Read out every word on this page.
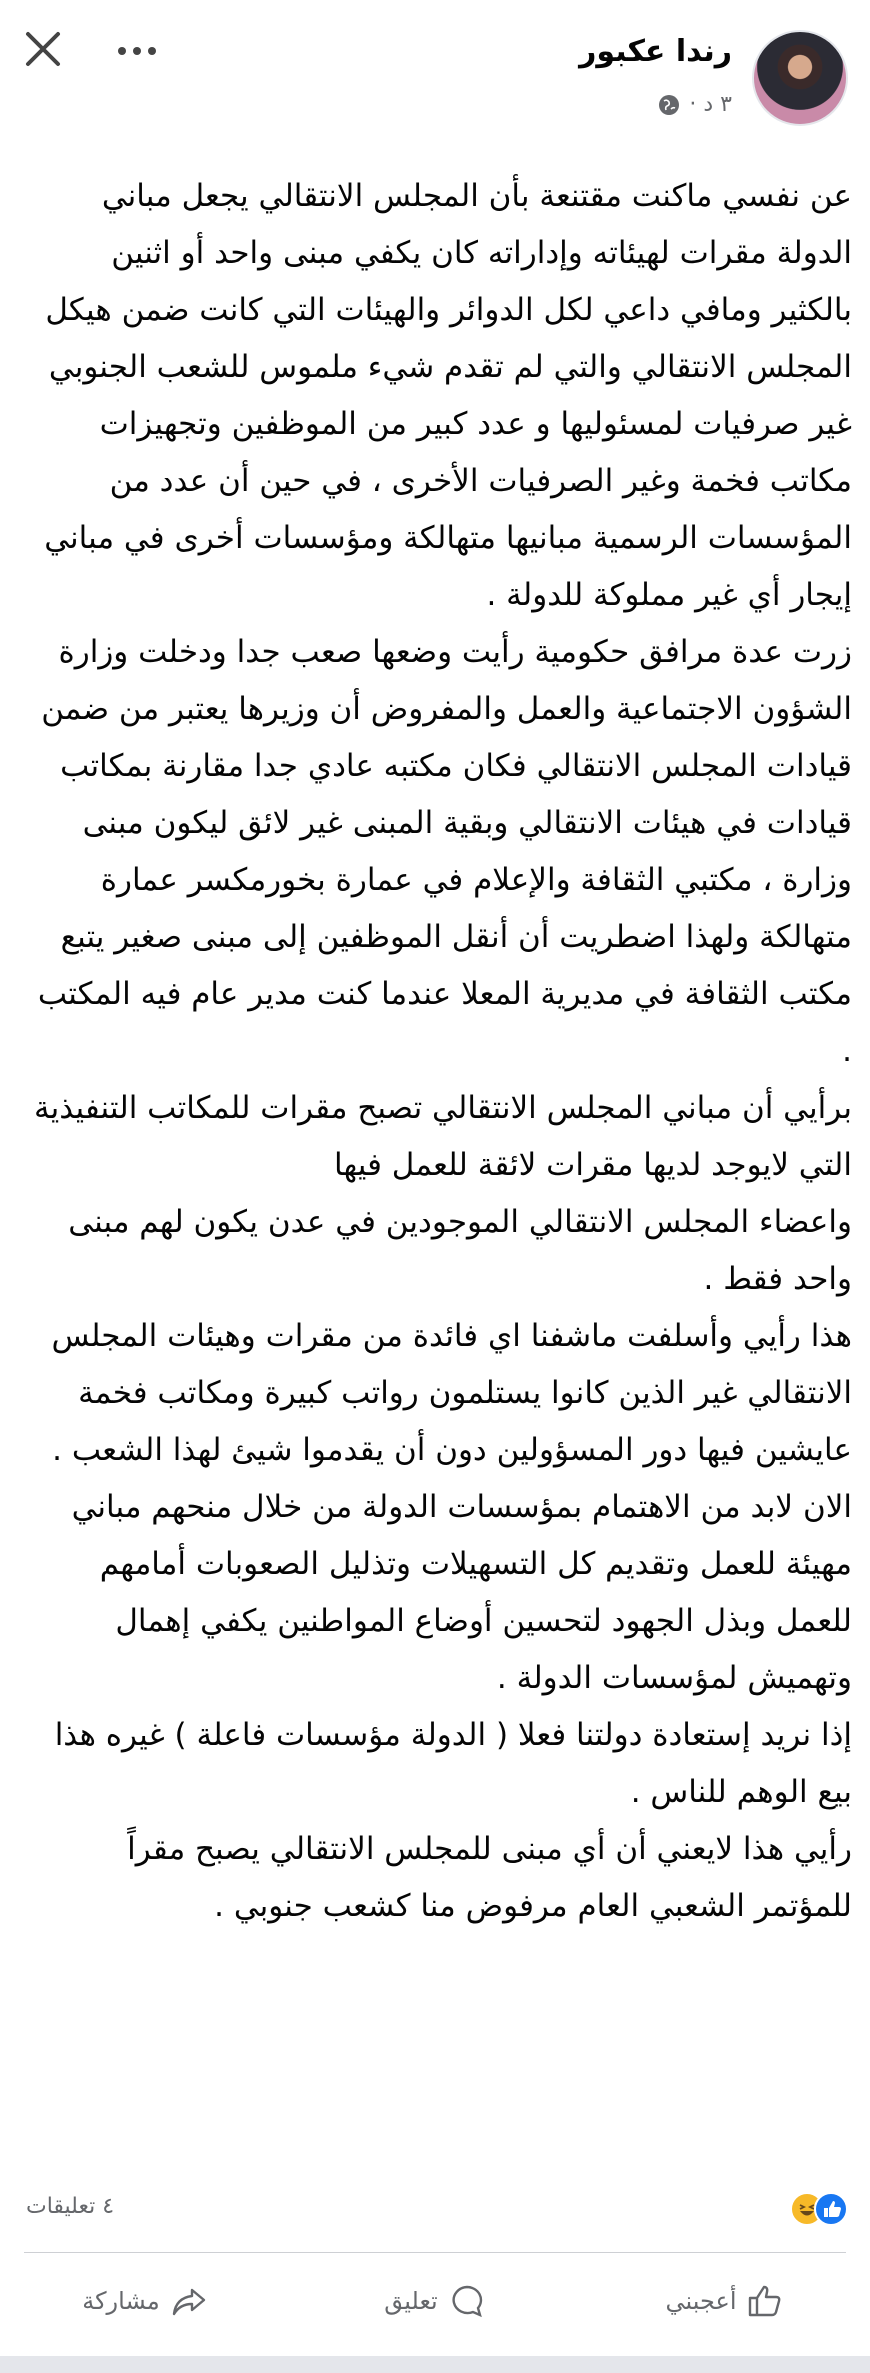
رندا عكبور
٣ د ·

عن نفسي ماكنت مقتنعة بأن المجلس الانتقالي يجعل مباني الدولة مقرات لهيئاته وإداراته كان يكفي مبنى واحد أو اثنين بالكثير ومافي داعي لكل الدوائر والهيئات التي كانت ضمن هيكل المجلس الانتقالي والتي لم تقدم شيء ملموس للشعب الجنوبي غير صرفيات لمسئوليها و عدد كبير من الموظفين وتجهيزات مكاتب فخمة وغير الصرفيات الأخرى ، في حين أن عدد من المؤسسات الرسمية مبانيها متهالكة ومؤسسات أخرى في مباني إيجار أي غير مملوكة للدولة .

زرت عدة مرافق حكومية رأيت وضعها صعب جدا ودخلت وزارة الشؤون الاجتماعية والعمل والمفروض أن وزيرها يعتبر من ضمن قيادات المجلس الانتقالي فكان مكتبه عادي جدا مقارنة بمكاتب قيادات في هيئات الانتقالي وبقية المبنى غير لائق ليكون مبنى وزارة ، مكتبي الثقافة والإعلام في عمارة بخورمكسر عمارة متهالكة ولهذا اضطريت أن أنقل الموظفين إلى مبنى صغير يتبع مكتب الثقافة في مديرية المعلا عندما كنت مدير عام فيه المكتب .

برأيي أن مباني المجلس الانتقالي تصبح مقرات للمكاتب التنفيذية التي لايوجد لديها مقرات لائقة للعمل فيها

واعضاء المجلس الانتقالي الموجودين في عدن يكون لهم مبنى واحد فقط .

هذا رأيي وأسلفت ماشفنا اي فائدة من مقرات وهيئات المجلس الانتقالي غير الذين كانوا يستلمون رواتب كبيرة ومكاتب فخمة عايشين فيها دور المسؤولين دون أن يقدموا شيئ لهذا الشعب .

الان لابد من الاهتمام بمؤسسات الدولة من خلال منحهم مباني مهيئة للعمل وتقديم كل التسهيلات وتذليل الصعوبات أمامهم للعمل وبذل الجهود لتحسين أوضاع المواطنين يكفي إهمال وتهميش لمؤسسات الدولة .

إذا نريد إستعادة دولتنا فعلا ( الدولة مؤسسات فاعلة ) غيره هذا بيع الوهم للناس .

رأيي هذا لايعني أن أي مبنى للمجلس الانتقالي يصبح مقراً للمؤتمر الشعبي العام مرفوض منا كشعب جنوبي .

٤ تعليقات
مشاركة	تعليق	أعجبني
